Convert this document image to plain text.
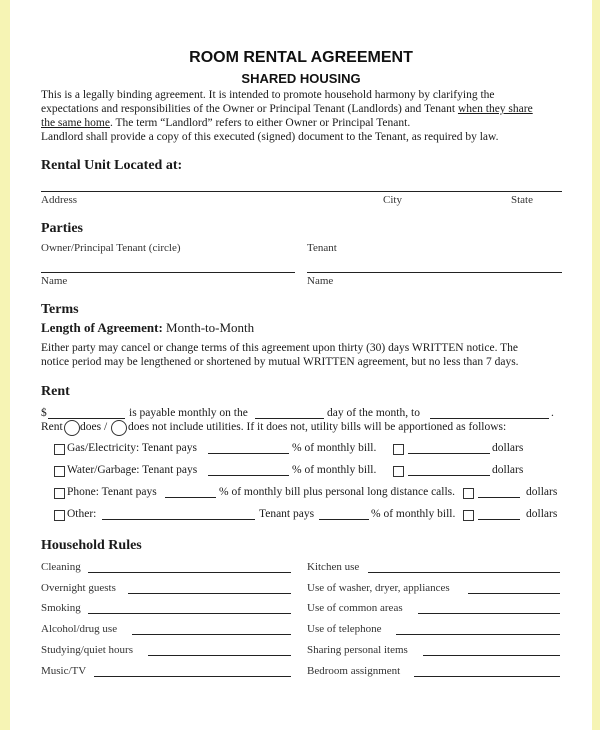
ROOM RENTAL AGREEMENT
SHARED HOUSING
This is a legally binding agreement. It is intended to promote household harmony by clarifying the
expectations and responsibilities of the Owner or Principal Tenant (Landlords) and Tenant when they share
the same home. The term “Landlord” refers to either Owner or Principal Tenant.
Landlord shall provide a copy of this executed (signed) document to the Tenant, as required by law.
Rental Unit Located at:
Address	City	State
Parties
Owner/Principal Tenant (circle)	Tenant
Name	Name
Terms
Length of Agreement: Month-to-Month
Either party may cancel or change terms of this agreement upon thirty (30) days WRITTEN notice. The
notice period may be lengthened or shortened by mutual WRITTEN agreement, but no less than 7 days.
Rent
$	is payable monthly on the	day of the month, to	.
Rent does / does not include utilities. If it does not, utility bills will be apportioned as follows:
Gas/Electricity: Tenant pays	% of monthly bill.	dollars
Water/Garbage: Tenant pays	% of monthly bill.	dollars
Phone: Tenant pays	% of monthly bill plus personal long distance calls.	dollars
Other:	Tenant pays	% of monthly bill.	dollars
Household Rules
Cleaning	Kitchen use
Overnight guests	Use of washer, dryer, appliances
Smoking	Use of common areas
Alcohol/drug use	Use of telephone
Studying/quiet hours	Sharing personal items
Music/TV	Bedroom assignment
